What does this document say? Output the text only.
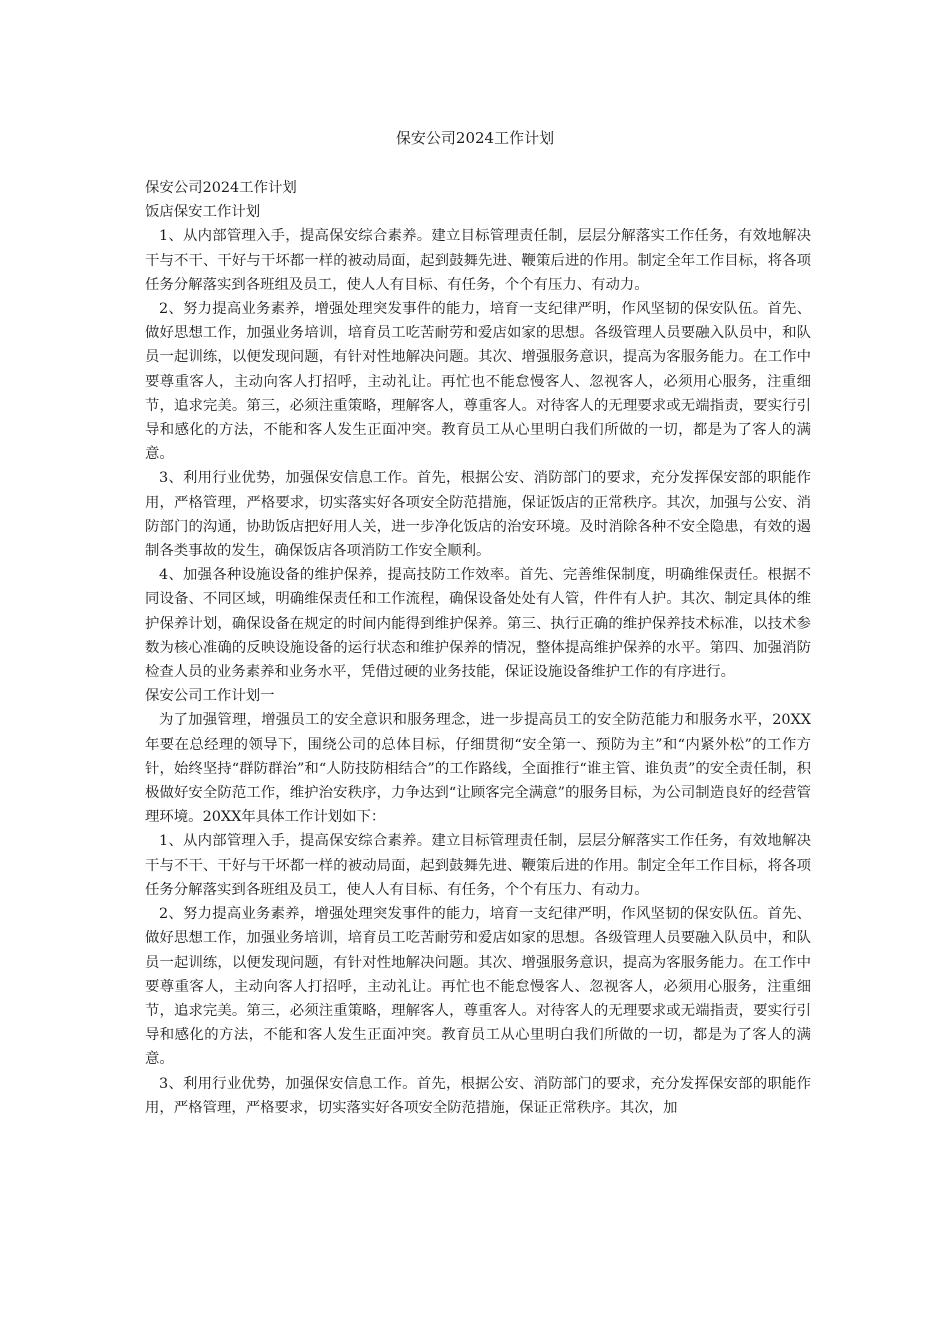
保安公司2024工作计划

保安公司2024工作计划

饭店保安工作计划

1、从内部管理入手，提高保安综合素养。建立目标管理责任制，层层分解落实工作任务，有效地解决干与不干、干好与干坏都一样的被动局面，起到鼓舞先进、鞭策后进的作用。制定全年工作目标，将各项任务分解落实到各班组及员工，使人人有目标、有任务，个个有压力、有动力。

2、努力提高业务素养，增强处理突发事件的能力，培育一支纪律严明，作风坚韧的保安队伍。首先、做好思想工作，加强业务培训，培育员工吃苦耐劳和爱店如家的思想。各级管理人员要融入队员中，和队员一起训练，以便发现问题，有针对性地解决问题。其次、增强服务意识，提高为客服务能力。在工作中要尊重客人，主动向客人打招呼，主动礼让。再忙也不能怠慢客人、忽视客人，必须用心服务，注重细节，追求完美。第三，必须注重策略，理解客人，尊重客人。对待客人的无理要求或无端指责，要实行引导和感化的方法，不能和客人发生正面冲突。教育员工从心里明白我们所做的一切，都是为了客人的满意。

3、利用行业优势，加强保安信息工作。首先，根据公安、消防部门的要求，充分发挥保安部的职能作用，严格管理，严格要求，切实落实好各项安全防范措施，保证饭店的正常秩序。其次，加强与公安、消防部门的沟通，协助饭店把好用人关，进一步净化饭店的治安环境。及时消除各种不安全隐患，有效的遏制各类事故的发生，确保饭店各项消防工作安全顺利。

4、加强各种设施设备的维护保养，提高技防工作效率。首先、完善维保制度，明确维保责任。根据不同设备、不同区域，明确维保责任和工作流程，确保设备处处有人管，件件有人护。其次、制定具体的维护保养计划，确保设备在规定的时间内能得到维护保养。第三、执行正确的维护保养技术标准，以技术参数为核心准确的反映设施设备的运行状态和维护保养的情况，整体提高维护保养的水平。第四、加强消防检查人员的业务素养和业务水平，凭借过硬的业务技能，保证设施设备维护工作的有序进行。

保安公司工作计划一

为了加强管理，增强员工的安全意识和服务理念，进一步提高员工的安全防范能力和服务水平，20XX年要在总经理的领导下，围绕公司的总体目标，仔细贯彻“安全第一、预防为主”和“内紧外松”的工作方针，始终坚持“群防群治”和“人防技防相结合”的工作路线，全面推行“谁主管、谁负责”的安全责任制，积极做好安全防范工作，维护治安秩序，力争达到“让顾客完全满意”的服务目标，为公司制造良好的经营管理环境。20XX年具体工作计划如下：

1、从内部管理入手，提高保安综合素养。建立目标管理责任制，层层分解落实工作任务，有效地解决干与不干、干好与干坏都一样的被动局面，起到鼓舞先进、鞭策后进的作用。制定全年工作目标，将各项任务分解落实到各班组及员工，使人人有目标、有任务，个个有压力、有动力。

2、努力提高业务素养，增强处理突发事件的能力，培育一支纪律严明，作风坚韧的保安队伍。首先、做好思想工作，加强业务培训，培育员工吃苦耐劳和爱店如家的思想。各级管理人员要融入队员中，和队员一起训练，以便发现问题，有针对性地解决问题。其次、增强服务意识，提高为客服务能力。在工作中要尊重客人，主动向客人打招呼，主动礼让。再忙也不能怠慢客人、忽视客人，必须用心服务，注重细节，追求完美。第三，必须注重策略，理解客人，尊重客人。对待客人的无理要求或无端指责，要实行引导和感化的方法，不能和客人发生正面冲突。教育员工从心里明白我们所做的一切，都是为了客人的满意。

3、利用行业优势，加强保安信息工作。首先，根据公安、消防部门的要求，充分发挥保安部的职能作用，严格管理，严格要求，切实落实好各项安全防范措施，保证正常秩序。其次，加
